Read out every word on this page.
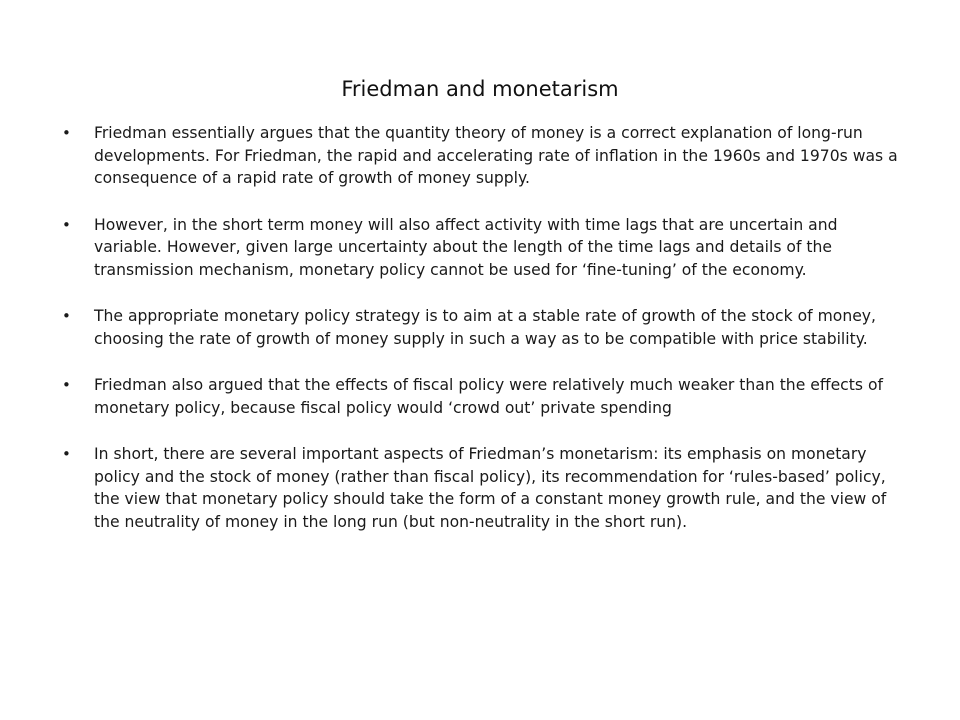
Friedman and monetarism
• Friedman essentially argues that the quantity theory of money is a correct explanation of long-run developments. For Friedman, the rapid and accelerating rate of inflation in the 1960s and 1970s was a consequence of a rapid rate of growth of money supply.
• However, in the short term money will also affect activity with time lags that are uncertain and variable. However, given large uncertainty about the length of the time lags and details of the transmission mechanism, monetary policy cannot be used for ‘fine-tuning’ of the economy.
• The appropriate monetary policy strategy is to aim at a stable rate of growth of the stock of money, choosing the rate of growth of money supply in such a way as to be compatible with price stability.
• Friedman also argued that the effects of fiscal policy were relatively much weaker than the effects of monetary policy, because fiscal policy would ‘crowd out’ private spending
• In short, there are several important aspects of Friedman’s monetarism: its emphasis on monetary policy and the stock of money (rather than fiscal policy), its recommendation for ‘rules-based’ policy, the view that monetary policy should take the form of a constant money growth rule, and the view of the neutrality of money in the long run (but non-neutrality in the short run).
